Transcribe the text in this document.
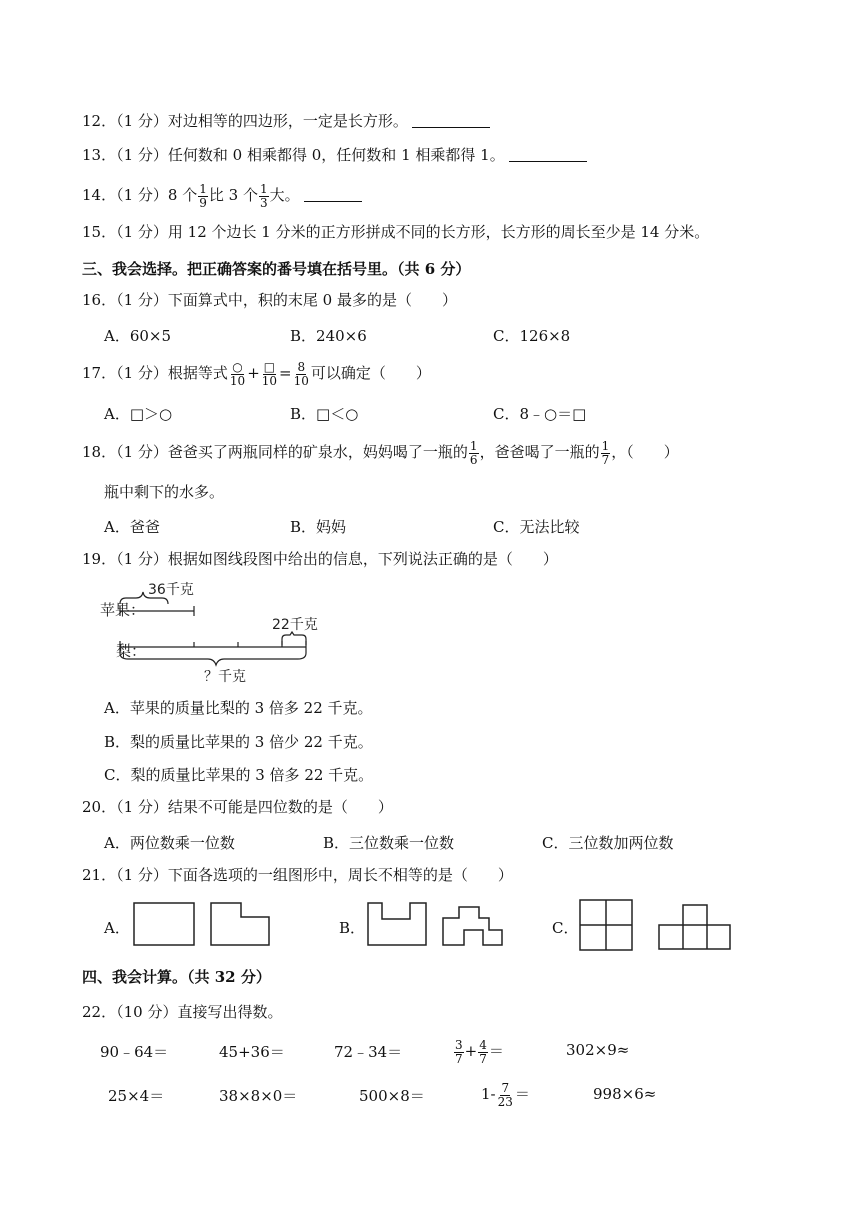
12．（1 分）对边相等的四边形，一定是长方形。
13．（1 分）任何数和 0 相乘都得 0，任何数和 1 相乘都得 1。
14．（1 分）8 个 $\frac{1}{9}$ 比 3 个 $\frac{1}{3}$ 大。
15．（1 分）用 12 个边长 1 分米的正方形拼成不同的长方形，长方形的周长至少是 14 分米。
三、我会选择。把正确答案的番号填在括号里。（共 6 分）
16．（1 分）下面算式中，积的末尾 0 最多的是（　　）
A．60×5	B．240×6	C．126×8
17．（1 分）根据等式 $\frac{○}{10} + \frac{□}{10} = \frac{8}{10}$ 可以确定（　　）
A．□＞○	B．□＜○	C．8﹣○＝□
18．（1 分）爸爸买了两瓶同样的矿泉水，妈妈喝了一瓶的 $\frac{1}{6}$ ，爸爸喝了一瓶的 $\frac{1}{7}$ ，（　　）
瓶中剩下的水多。
A．爸爸	B．妈妈	C．无法比较
19．（1 分）根据如图线段图中给出的信息，下列说法正确的是（　　）
苹果：
梨：
36千克
22千克
？千克
A．苹果的质量比梨的 3 倍多 22 千克。
B．梨的质量比苹果的 3 倍少 22 千克。
C．梨的质量比苹果的 3 倍多 22 千克。
20．（1 分）结果不可能是四位数的是（　　）
A．两位数乘一位数	B．三位数乘一位数	C．三位数加两位数
21．（1 分）下面各选项的一组图形中，周长不相等的是（　　）
A．	B．	C．
四、我会计算。（共 32 分）
22．（10 分）直接写出得数。
90﹣64＝	45+36＝	72﹣34＝	$\frac{3}{7} + \frac{4}{7}$ ＝	302×9≈
25×4＝	38×8×0＝	500×8＝	$1- \frac{7}{23}$ ＝	998×6≈
